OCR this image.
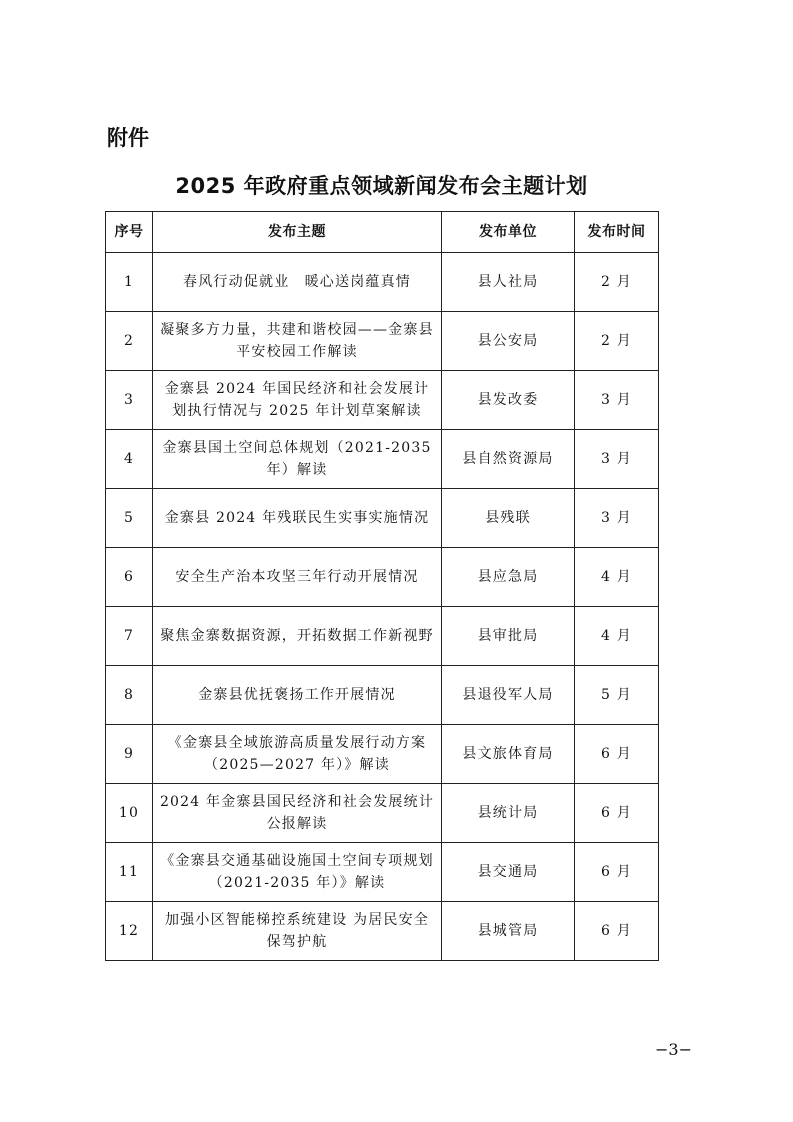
附件
2025 年政府重点领域新闻发布会主题计划
序号	发布主题	发布单位	发布时间
1	春风行动促就业　暖心送岗蕴真情	县人社局	2 月
2	凝聚多方力量，共建和谐校园——金寨县平安校园工作解读	县公安局	2 月
3	金寨县 2024 年国民经济和社会发展计划执行情况与 2025 年计划草案解读	县发改委	3 月
4	金寨县国土空间总体规划（2021-2035 年）解读	县自然资源局	3 月
5	金寨县 2024 年残联民生实事实施情况	县残联	3 月
6	安全生产治本攻坚三年行动开展情况	县应急局	4 月
7	聚焦金寨数据资源，开拓数据工作新视野	县审批局	4 月
8	金寨县优抚褒扬工作开展情况	县退役军人局	5 月
9	《金寨县全域旅游高质量发展行动方案（2025—2027 年）》解读	县文旅体育局	6 月
10	2024 年金寨县国民经济和社会发展统计公报解读	县统计局	6 月
11	《金寨县交通基础设施国土空间专项规划（2021-2035 年）》解读	县交通局	6 月
12	加强小区智能梯控系统建设 为居民安全保驾护航	县城管局	6 月
−3−
